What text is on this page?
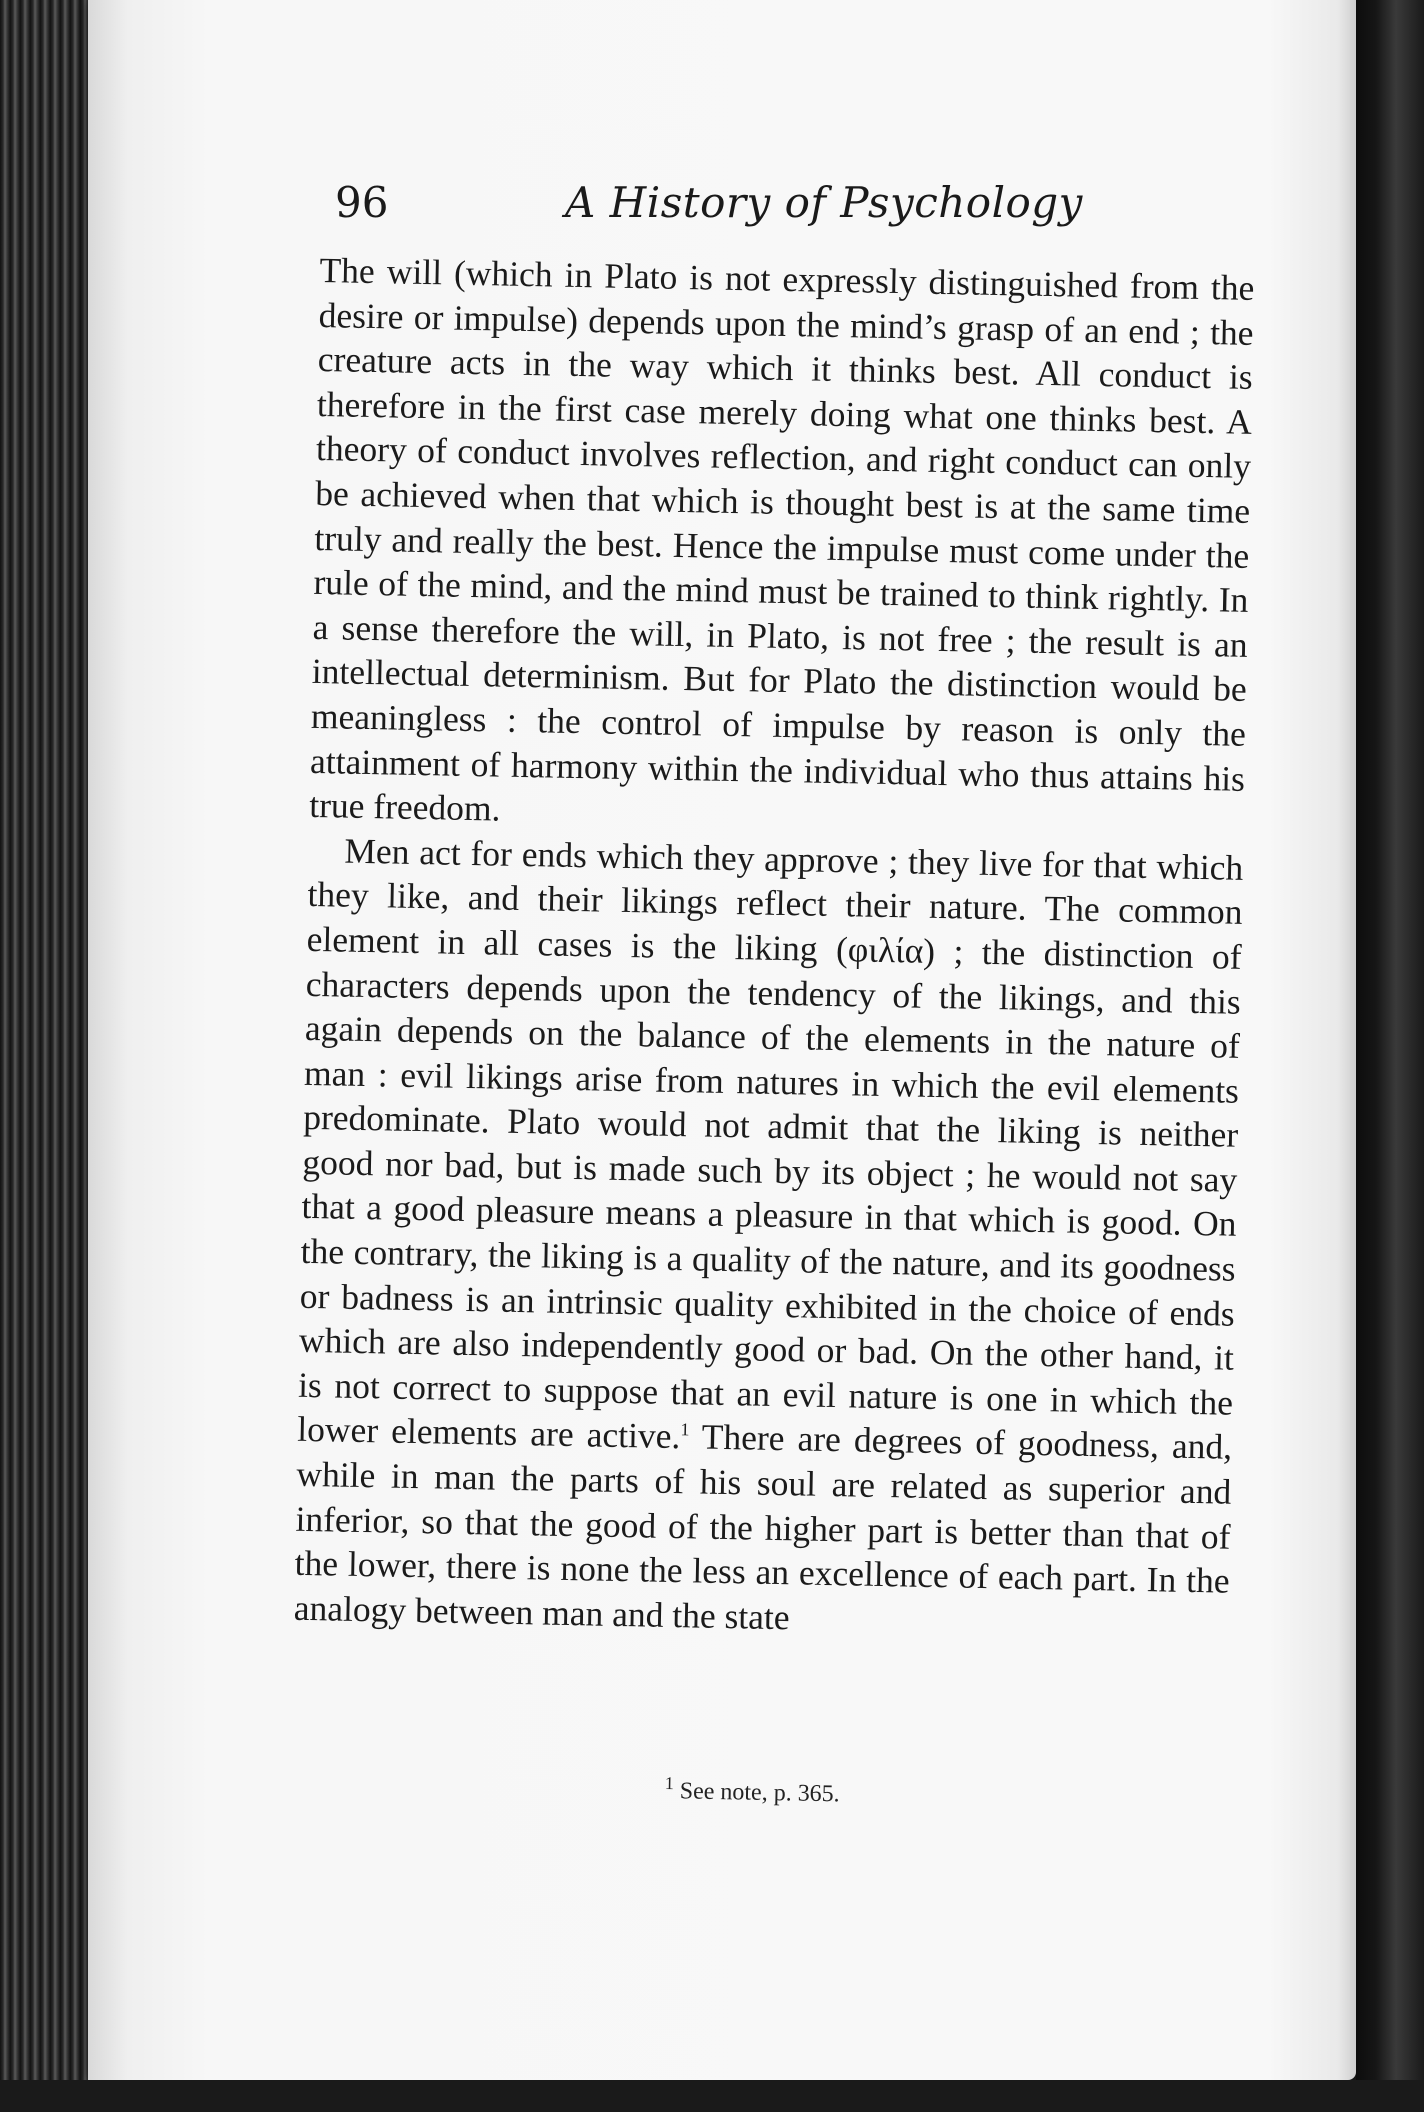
96	A History of Psychology

The will (which in Plato is not expressly distinguished from the desire or impulse) depends upon the mind’s grasp of an end ; the creature acts in the way which it thinks best. All conduct is therefore in the first case merely doing what one thinks best. A theory of conduct involves reflection, and right conduct can only be achieved when that which is thought best is at the same time truly and really the best. Hence the impulse must come under the rule of the mind, and the mind must be trained to think rightly. In a sense therefore the will, in Plato, is not free ; the result is an intellectual determinism. But for Plato the distinction would be meaningless : the control of impulse by reason is only the attainment of harmony within the individual who thus attains his true freedom.

Men act for ends which they approve ; they live for that which they like, and their likings reflect their nature. The common element in all cases is the liking (φιλία) ; the distinction of characters depends upon the tendency of the likings, and this again depends on the balance of the elements in the nature of man : evil likings arise from natures in which the evil elements predominate. Plato would not admit that the liking is neither good nor bad, but is made such by its object ; he would not say that a good pleasure means a pleasure in that which is good. On the contrary, the liking is a quality of the nature, and its goodness or badness is an intrinsic quality exhibited in the choice of ends which are also independently good or bad. On the other hand, it is not correct to suppose that an evil nature is one in which the lower elements are active.$^1$ There are degrees of goodness, and, while in man the parts of his soul are related as superior and inferior, so that the good of the higher part is better than that of the lower, there is none the less an excellence of each part. In the analogy between man and the state

$^1$ See note, p. 365.
